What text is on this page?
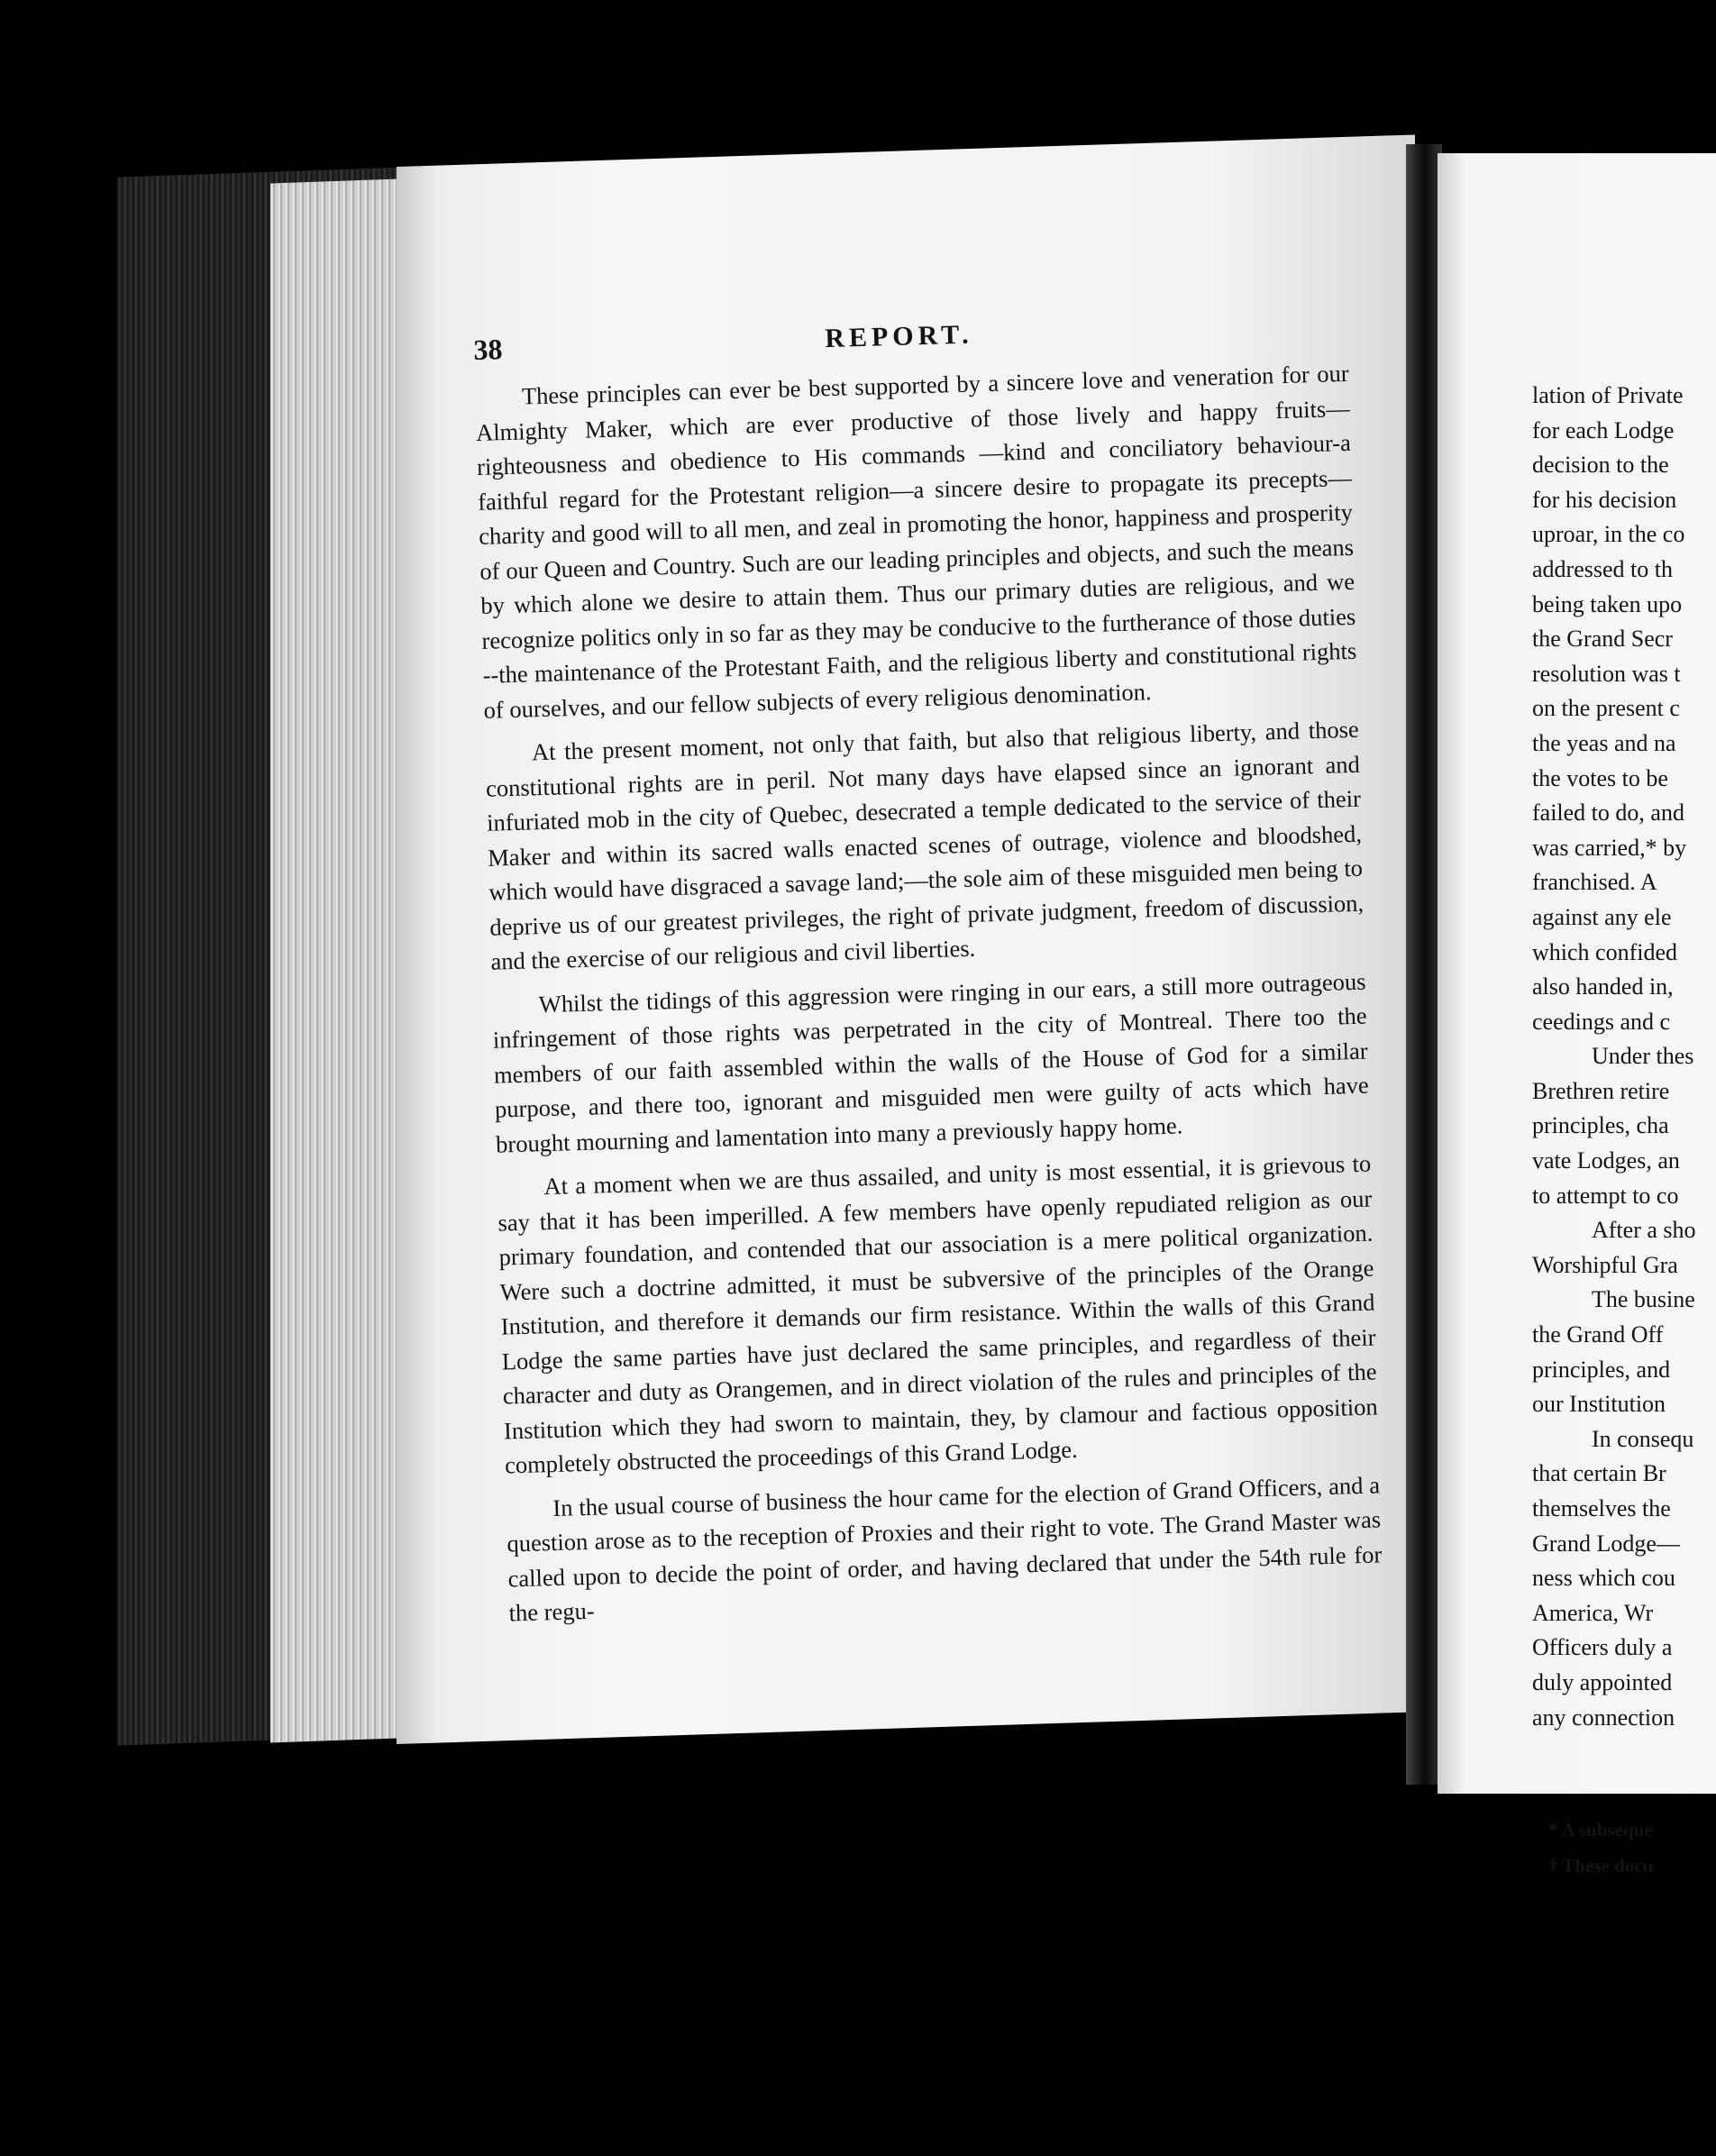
38	REPORT.

These principles can ever be best supported by a sincere love and veneration for our Almighty Maker, which are ever productive of those lively and happy fruits—righteousness and obedience to His commands —kind and conciliatory behaviour-a faithful regard for the Protestant religion—a sincere desire to propagate its precepts—charity and good will to all men, and zeal in promoting the honor, happiness and prosperity of our Queen and Country. Such are our leading principles and objects, and such the means by which alone we desire to attain them. Thus our primary duties are religious, and we recognize politics only in so far as they may be conducive to the furtherance of those duties --the maintenance of the Protestant Faith, and the religious liberty and constitutional rights of ourselves, and our fellow subjects of every religious denomination.

At the present moment, not only that faith, but also that religious liberty, and those constitutional rights are in peril. Not many days have elapsed since an ignorant and infuriated mob in the city of Quebec, desecrated a temple dedicated to the service of their Maker and within its sacred walls enacted scenes of outrage, violence and bloodshed, which would have disgraced a savage land;—the sole aim of these misguided men being to deprive us of our greatest privileges, the right of private judgment, freedom of discussion, and the exercise of our religious and civil liberties.

Whilst the tidings of this aggression were ringing in our ears, a still more outrageous infringement of those rights was perpetrated in the city of Montreal. There too the members of our faith assembled within the walls of the House of God for a similar purpose, and there too, ignorant and misguided men were guilty of acts which have brought mourning and lamentation into many a previously happy home.

At a moment when we are thus assailed, and unity is most essential, it is grievous to say that it has been imperilled. A few members have openly repudiated religion as our primary foundation, and contended that our association is a mere political organization. Were such a doctrine admitted, it must be subversive of the principles of the Orange Institution, and therefore it demands our firm resistance. Within the walls of this Grand Lodge the same parties have just declared the same principles, and regardless of their character and duty as Orangemen, and in direct violation of the rules and principles of the Institution which they had sworn to maintain, they, by clamour and factious opposition completely obstructed the proceedings of this Grand Lodge.

In the usual course of business the hour came for the election of Grand Officers, and a question arose as to the reception of Proxies and their right to vote. The Grand Master was called upon to decide the point of order, and having declared that under the 54th rule for the regu-

lation of Private
for each Lodge
decision to the
for his decision
uproar, in the co
addressed to th
being taken upo
the Grand Secr
resolution was t
on the present c
the yeas and na
the votes to be
failed to do, and
was carried,* by
franchised. A
against any ele
which confided
also handed in,
ceedings and c
Under thes
Brethren retire
principles, cha
vate Lodges, an
to attempt to co
After a sho
Worshipful Gra
The busine
the Grand Off
principles, and
our Institution
In consequ
that certain Br
themselves the
Grand Lodge—
ness which cou
America, Wr
Officers duly a
duly appointed
any connection
* A subseque
† These docu
